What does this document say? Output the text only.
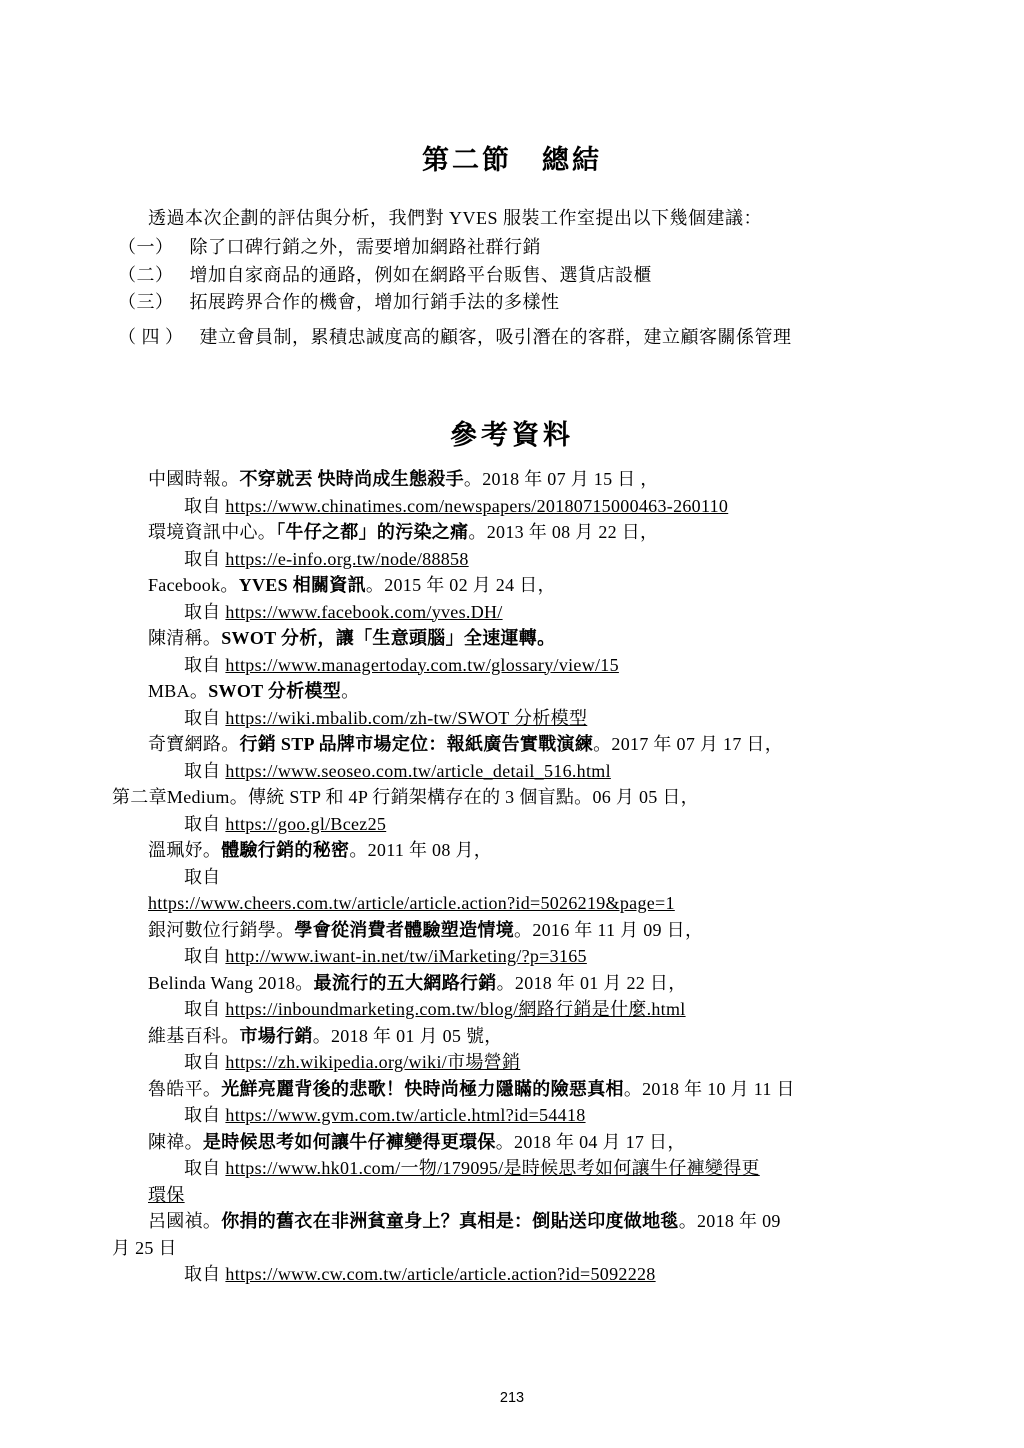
第二節　總結
透過本次企劃的評估與分析，我們對 YVES 服裝工作室提出以下幾個建議：
（一） 除了口碑行銷之外，需要增加網路社群行銷
（二） 增加自家商品的通路，例如在網路平台販售、選貨店設櫃
（三） 拓展跨界合作的機會，增加行銷手法的多樣性
（ 四 ） 建立會員制，累積忠誠度高的顧客，吸引潛在的客群，建立顧客關係管理
參考資料
中國時報。不穿就丟 快時尚成生態殺手。2018 年 07 月 15 日 ，
取自 https://www.chinatimes.com/newspapers/20180715000463-260110
環境資訊中心。「牛仔之都」的污染之痛。2013 年 08 月 22 日，
取自 https://e-info.org.tw/node/88858
Facebook。YVES 相關資訊。2015 年 02 月 24 日，
取自 https://www.facebook.com/yves.DH/
陳清稱。SWOT 分析，讓「生意頭腦」全速運轉。
取自 https://www.managertoday.com.tw/glossary/view/15
MBA。SWOT 分析模型。
取自 https://wiki.mbalib.com/zh-tw/SWOT 分析模型
奇寶網路。行銷 STP 品牌市場定位：報紙廣告實戰演練。2017 年 07 月 17 日，
取自 https://www.seoseo.com.tw/article_detail_516.html
第二章Medium。傳統 STP 和 4P 行銷架構存在的 3 個盲點。06 月 05 日，
取自 https://goo.gl/Bcez25
溫珮妤。體驗行銷的秘密。2011 年 08 月，
取自
https://www.cheers.com.tw/article/article.action?id=5026219&page=1
銀河數位行銷學。學會從消費者體驗塑造情境。2016 年 11 月 09 日，
取自 http://www.iwant-in.net/tw/iMarketing/?p=3165
Belinda Wang 2018。最流行的五大網路行銷。2018 年 01 月 22 日，
取自 https://inboundmarketing.com.tw/blog/網路行銷是什麼.html
維基百科。市場行銷。2018 年 01 月 05 號，
取自 https://zh.wikipedia.org/wiki/市場營銷
魯皓平。光鮮亮麗背後的悲歌！快時尚極力隱瞞的險惡真相。2018 年 10 月 11 日
取自 https://www.gvm.com.tw/article.html?id=54418
陳禕。是時候思考如何讓牛仔褲變得更環保。2018 年 04 月 17 日，
取自 https://www.hk01.com/一物/179095/是時候思考如何讓牛仔褲變得更
環保
呂國禎。你捐的舊衣在非洲貧童身上？真相是：倒貼送印度做地毯。2018 年 09
月 25 日
取自 https://www.cw.com.tw/article/article.action?id=5092228
213
